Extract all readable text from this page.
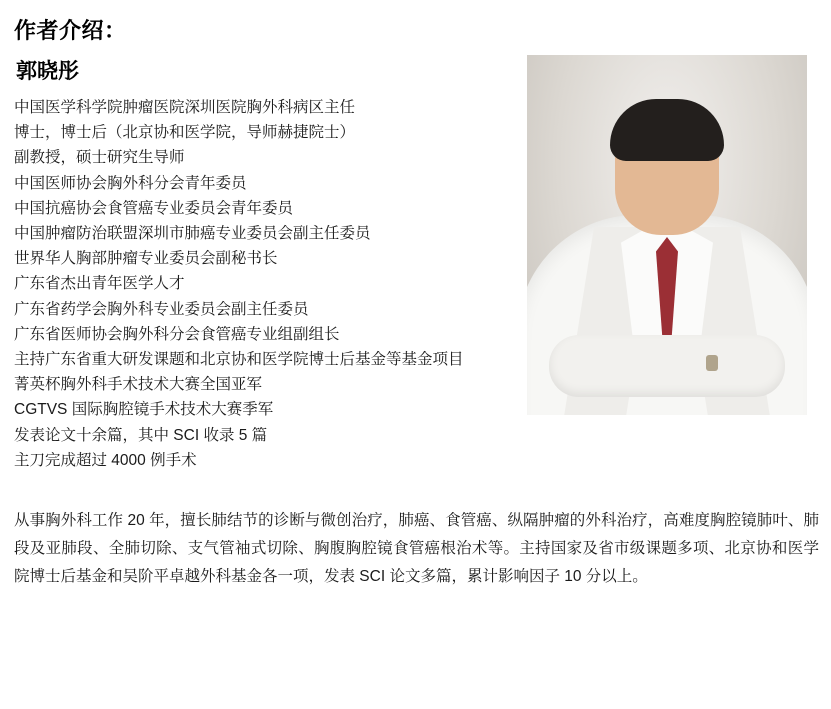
作者介绍：
郭晓彤
中国医学科学院肿瘤医院深圳医院胸外科病区主任
博士，博士后（北京协和医学院，导师赫捷院士）
副教授，硕士研究生导师
中国医师协会胸外科分会青年委员
中国抗癌协会食管癌专业委员会青年委员
中国肿瘤防治联盟深圳市肺癌专业委员会副主任委员
世界华人胸部肿瘤专业委员会副秘书长
广东省杰出青年医学人才
广东省药学会胸外科专业委员会副主任委员
广东省医师协会胸外科分会食管癌专业组副组长
主持广东省重大研发课题和北京协和医学院博士后基金等基金项目
菁英杯胸外科手术技术大赛全国亚军
CGTVS 国际胸腔镜手术技术大赛季军
发表论文十余篇，其中 SCI 收录 5 篇
主刀完成超过 4000 例手术
从事胸外科工作 20 年，擅长肺结节的诊断与微创治疗，肺癌、食管癌、纵隔肿瘤的外科治疗，高难度胸腔镜肺叶、肺段及亚肺段、全肺切除、支气管袖式切除、胸腹胸腔镜食管癌根治术等。主持国家及省市级课题多项、北京协和医学院博士后基金和吴阶平卓越外科基金各一项，发表 SCI 论文多篇，累计影响因子 10 分以上。
